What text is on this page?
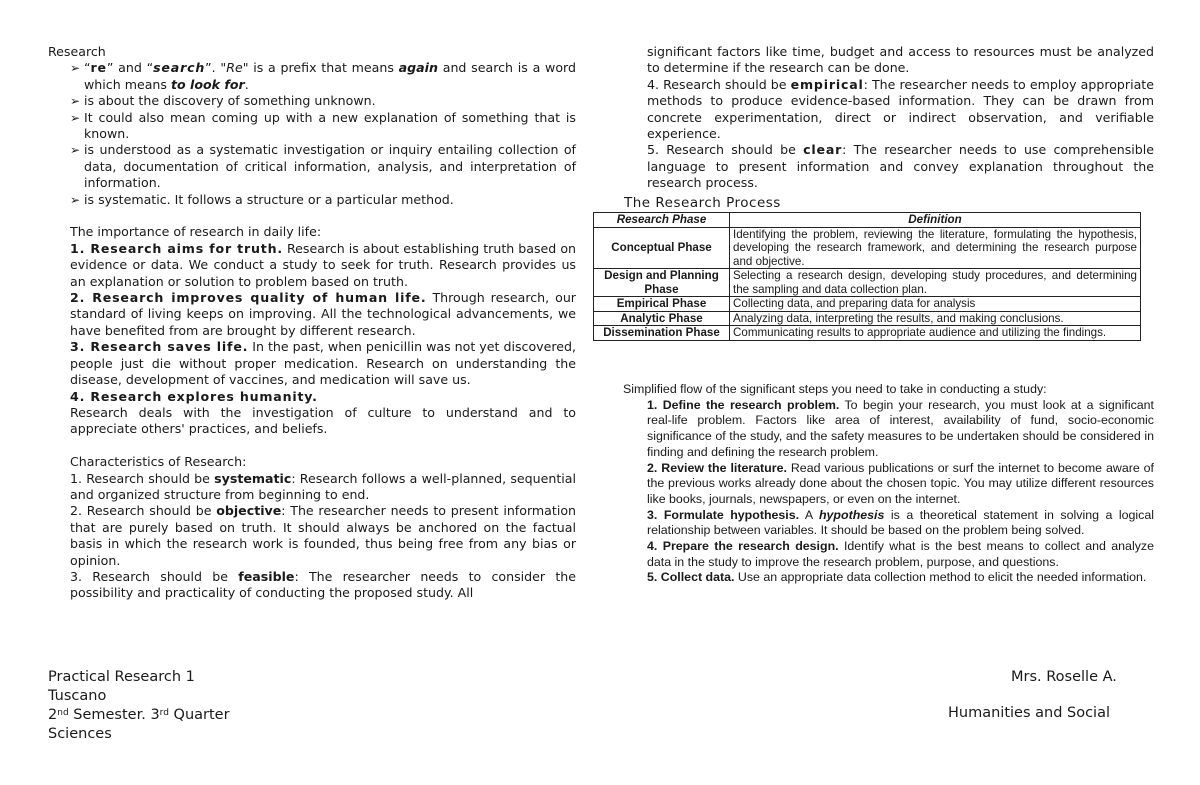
Research

➢ “re” and “search”. "Re" is a prefix that means again and search is a word which means to look for.
➢ is about the discovery of something unknown.
➢ It could also mean coming up with a new explanation of something that is known.
➢ is understood as a systematic investigation or inquiry entailing collection of data, documentation of critical information, analysis, and interpretation of information.
➢ is systematic. It follows a structure or a particular method.

The importance of research in daily life:

1. Research aims for truth. Research is about establishing truth based on evidence or data. We conduct a study to seek for truth. Research provides us an explanation or solution to problem based on truth.

2. Research improves quality of human life. Through research, our standard of living keeps on improving. All the technological advancements, we have benefited from are brought by different research.

3. Research saves life. In the past, when penicillin was not yet discovered, people just die without proper medication. Research on understanding the disease, development of vaccines, and medication will save us.

4. Research explores humanity.
Research deals with the investigation of culture to understand and to appreciate others' practices, and beliefs.

Characteristics of Research:

1. Research should be systematic: Research follows a well-planned, sequential and organized structure from beginning to end.

2. Research should be objective: The researcher needs to present information that are purely based on truth. It should always be anchored on the factual basis in which the research work is founded, thus being free from any bias or opinion.

3. Research should be feasible: The researcher needs to consider the possibility and practicality of conducting the proposed study. All

significant factors like time, budget and access to resources must be analyzed to determine if the research can be done.

4. Research should be empirical: The researcher needs to employ appropriate methods to produce evidence-based information. They can be drawn from concrete experimentation, direct or indirect observation, and verifiable experience.

5. Research should be clear: The researcher needs to use comprehensible language to present information and convey explanation throughout the research process.

The Research Process
Research Phase	Definition
Conceptual Phase	Identifying the problem, reviewing the literature, formulating the hypothesis, developing the research framework, and determining the research purpose and objective.
Design and Planning Phase	Selecting a research design, developing study procedures, and determining the sampling and data collection plan.
Empirical Phase	Collecting data, and preparing data for analysis
Analytic Phase	Analyzing data, interpreting the results, and making conclusions.
Dissemination Phase	Communicating results to appropriate audience and utilizing the findings.

Simplified flow of the significant steps you need to take in conducting a study:

1. Define the research problem. To begin your research, you must look at a significant real-life problem. Factors like area of interest, availability of fund, socio-economic significance of the study, and the safety measures to be undertaken should be considered in finding and defining the research problem.
2. Review the literature. Read various publications or surf the internet to become aware of the previous works already done about the chosen topic. You may utilize different resources like books, journals, newspapers, or even on the internet.
3. Formulate hypothesis. A hypothesis is a theoretical statement in solving a logical relationship between variables. It should be based on the problem being solved.
4. Prepare the research design. Identify what is the best means to collect and analyze data in the study to improve the research problem, purpose, and questions.
5. Collect data. Use an appropriate data collection method to elicit the needed information.
Practical Research 1
Tuscano
2nd Semester. 3rd Quarter
Sciences
Mrs. Roselle A.
Humanities and Social
